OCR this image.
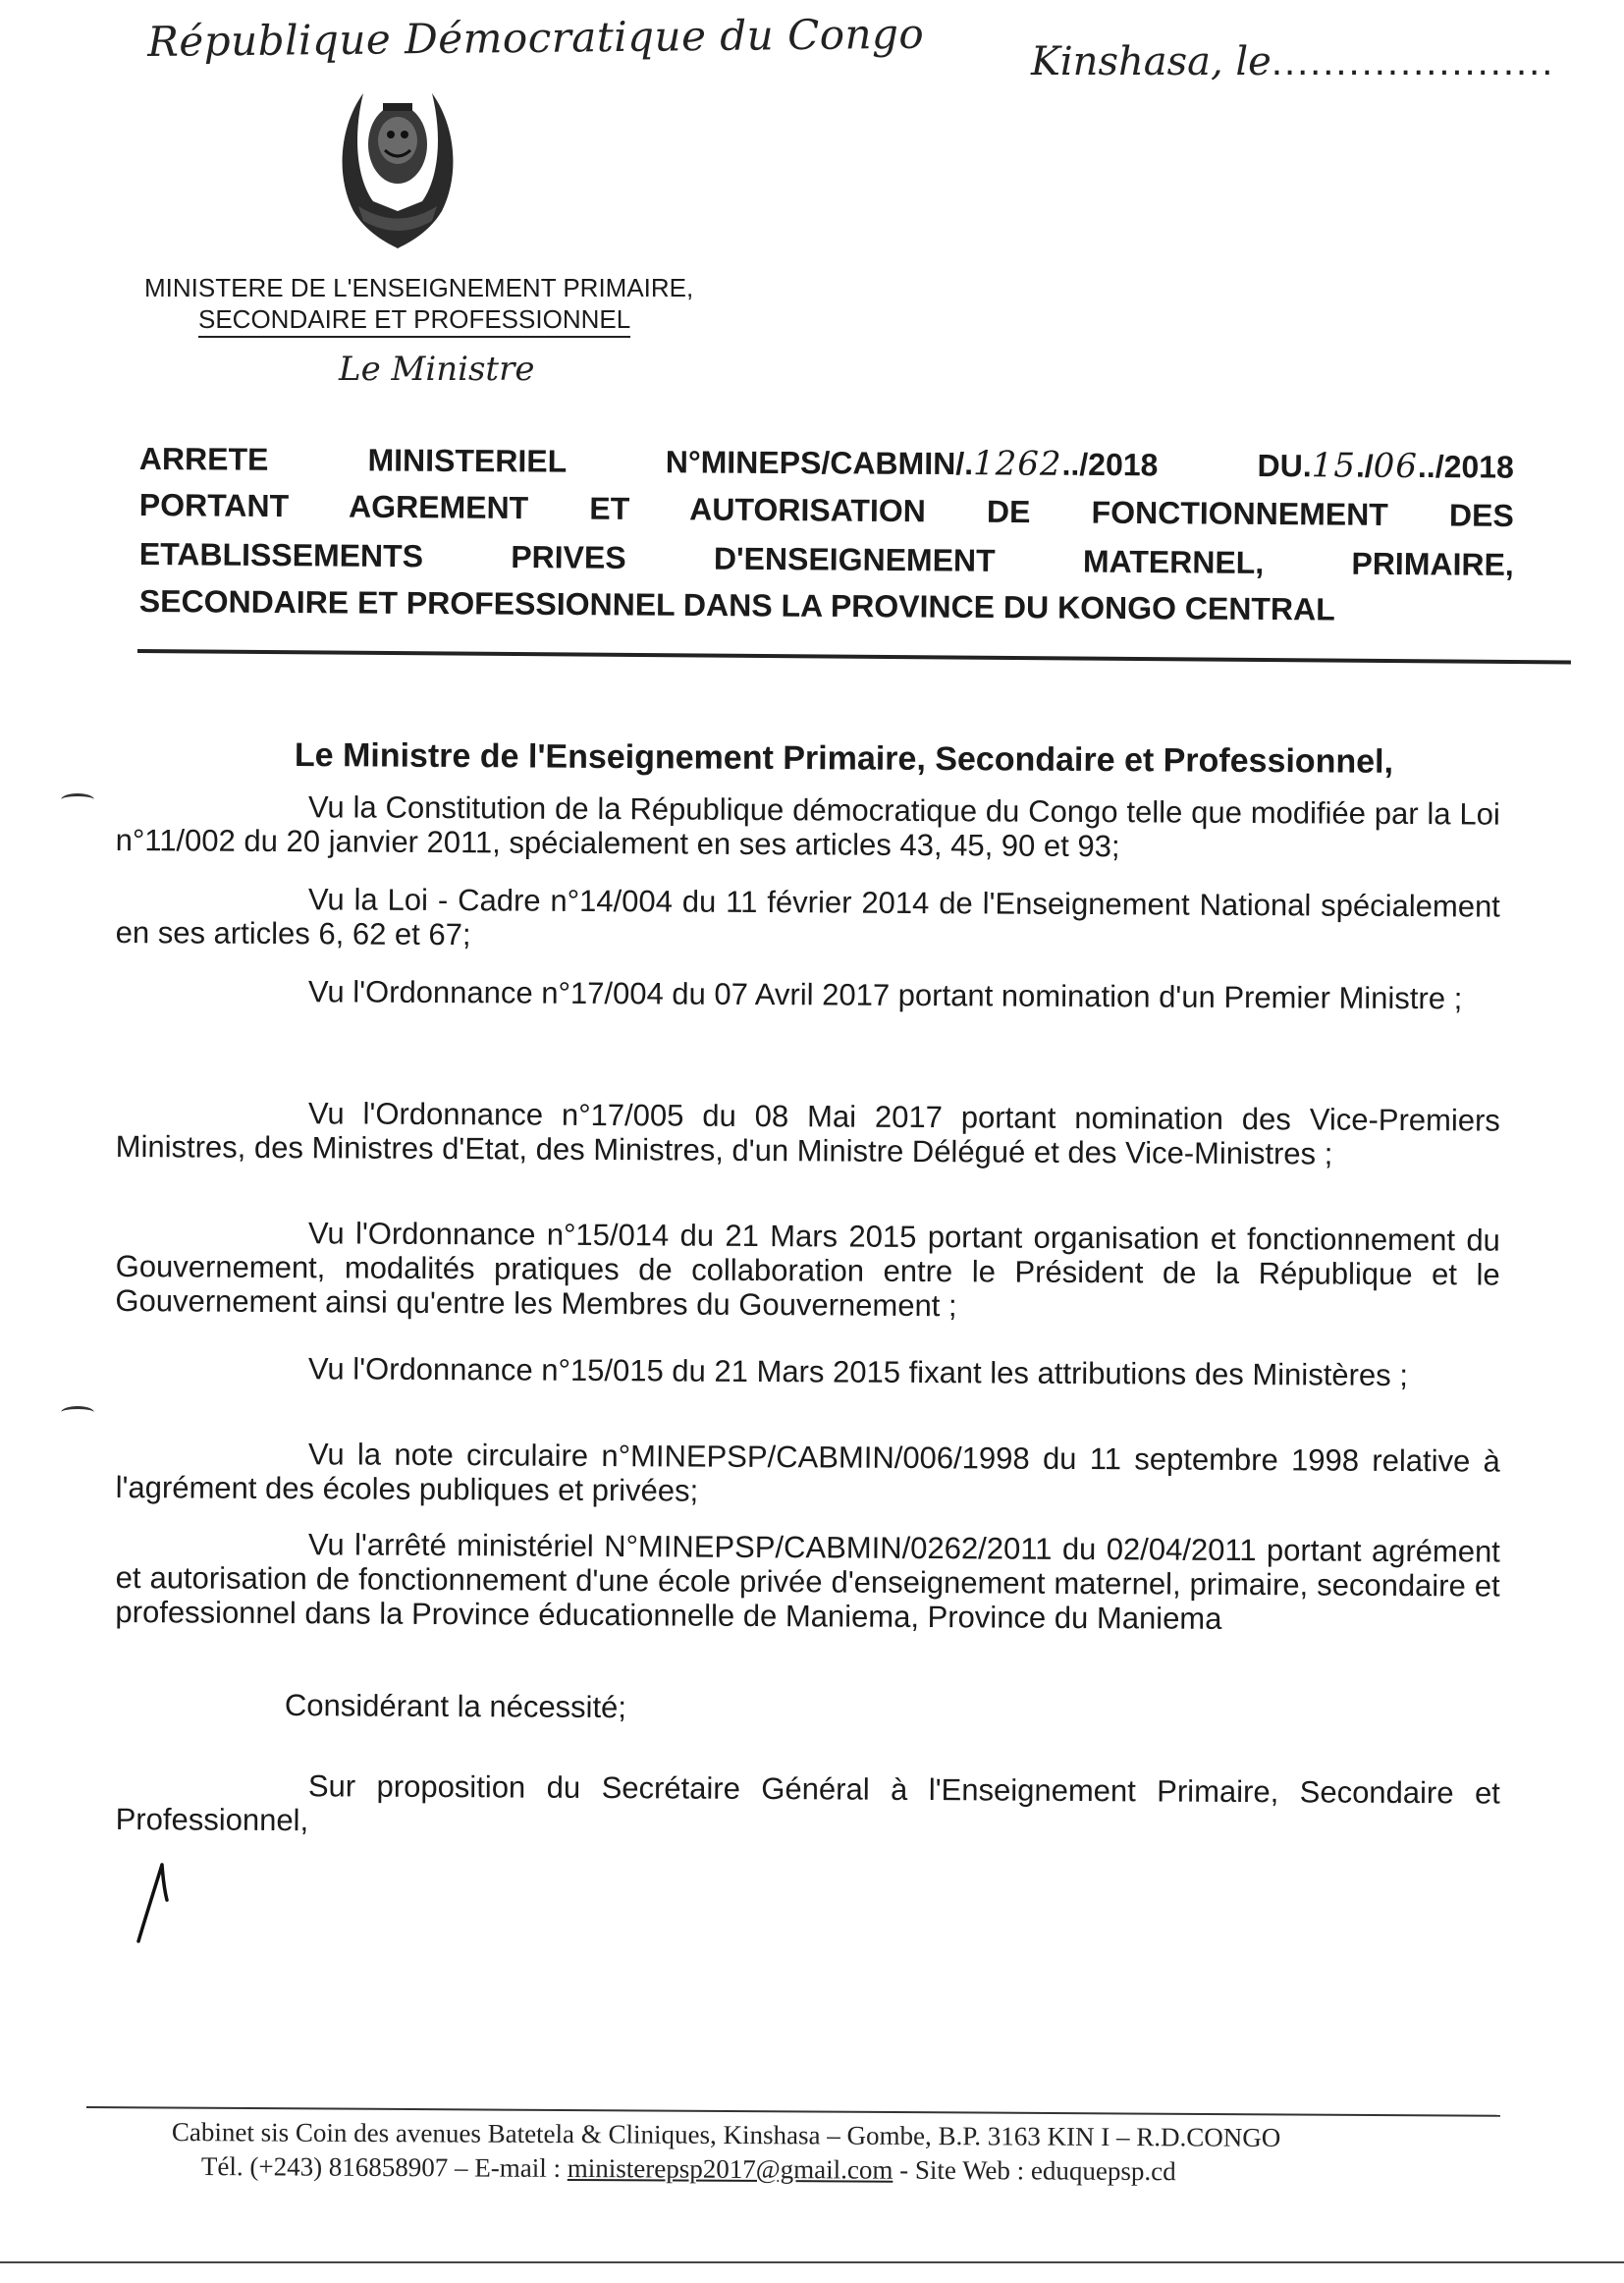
République Démocratique du Congo	Kinshasa, le......................
MINISTERE DE L'ENSEIGNEMENT PRIMAIRE,
SECONDAIRE ET PROFESSIONNEL
Le Ministre
ARRETE MINISTERIEL N°MINEPS/CABMIN/.1262../2018 DU.15./06../2018
PORTANT AGREMENT ET AUTORISATION DE FONCTIONNEMENT DES
ETABLISSEMENTS PRIVES D'ENSEIGNEMENT MATERNEL, PRIMAIRE,
SECONDAIRE ET PROFESSIONNEL DANS LA PROVINCE DU KONGO CENTRAL
Le Ministre de l'Enseignement Primaire, Secondaire et Professionnel,

Vu la Constitution de la République démocratique du Congo telle que modifiée par la Loi n°11/002 du 20 janvier 2011, spécialement en ses articles 43, 45, 90 et 93;

Vu la Loi - Cadre n°14/004 du 11 février 2014 de l'Enseignement National spécialement en ses articles 6, 62 et 67;

Vu l'Ordonnance n°17/004 du 07 Avril 2017 portant nomination d'un Premier Ministre ;

Vu l'Ordonnance n°17/005 du 08 Mai 2017 portant nomination des Vice-Premiers Ministres, des Ministres d'Etat, des Ministres, d'un Ministre Délégué et des Vice-Ministres ;

Vu l'Ordonnance n°15/014 du 21 Mars 2015 portant organisation et fonctionnement du Gouvernement, modalités pratiques de collaboration entre le Président de la République et le Gouvernement ainsi qu'entre les Membres du Gouvernement ;

Vu l'Ordonnance n°15/015 du 21 Mars 2015 fixant les attributions des Ministères ;

Vu la note circulaire n°MINEPSP/CABMIN/006/1998 du 11 septembre 1998 relative à l'agrément des écoles publiques et privées;

Vu l'arrêté ministériel N°MINEPSP/CABMIN/0262/2011 du 02/04/2011 portant agrément et autorisation de fonctionnement d'une école privée d'enseignement maternel, primaire, secondaire et professionnel dans la Province éducationnelle de Maniema, Province du Maniema

Considérant la nécessité;

Sur proposition du Secrétaire Général à l'Enseignement Primaire, Secondaire et Professionnel,

Cabinet sis Coin des avenues Batetela & Cliniques, Kinshasa – Gombe, B.P. 3163 KIN I – R.D.CONGO
Tél. (+243) 816858907 – E-mail : ministerepsp2017@gmail.com - Site Web : eduquepsp.cd
